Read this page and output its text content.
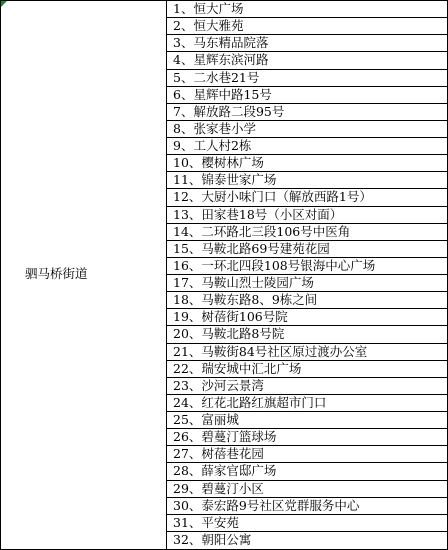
驷马桥街道
1、恒大广场
2、恒大雅苑
3、马东精品院落
4、星辉东滨河路
5、二水巷21号
6、星辉中路15号
7、解放路二段95号
8、张家巷小学
9、工人村2栋
10、樱树林广场
11、锦泰世家广场
12、大厨小味门口（解放西路1号）
13、田家巷18号（小区对面）
14、二环路北三段106号中医角
15、马鞍北路69号建苑花园
16、一环北四段108号银海中心广场
17、马鞍山烈士陵园广场
18、马鞍东路8、9栋之间
19、树蓓街106号院
20、马鞍北路8号院
21、马鞍街84号社区原过渡办公室
22、瑞安城中汇北广场
23、沙河云景湾
24、红花北路红旗超市门口
25、富丽城
26、碧蔓汀篮球场
27、树蓓巷花园
28、薛家官邸广场
29、碧蔓汀小区
30、泰宏路9号社区党群服务中心
31、平安苑
32、朝阳公寓
